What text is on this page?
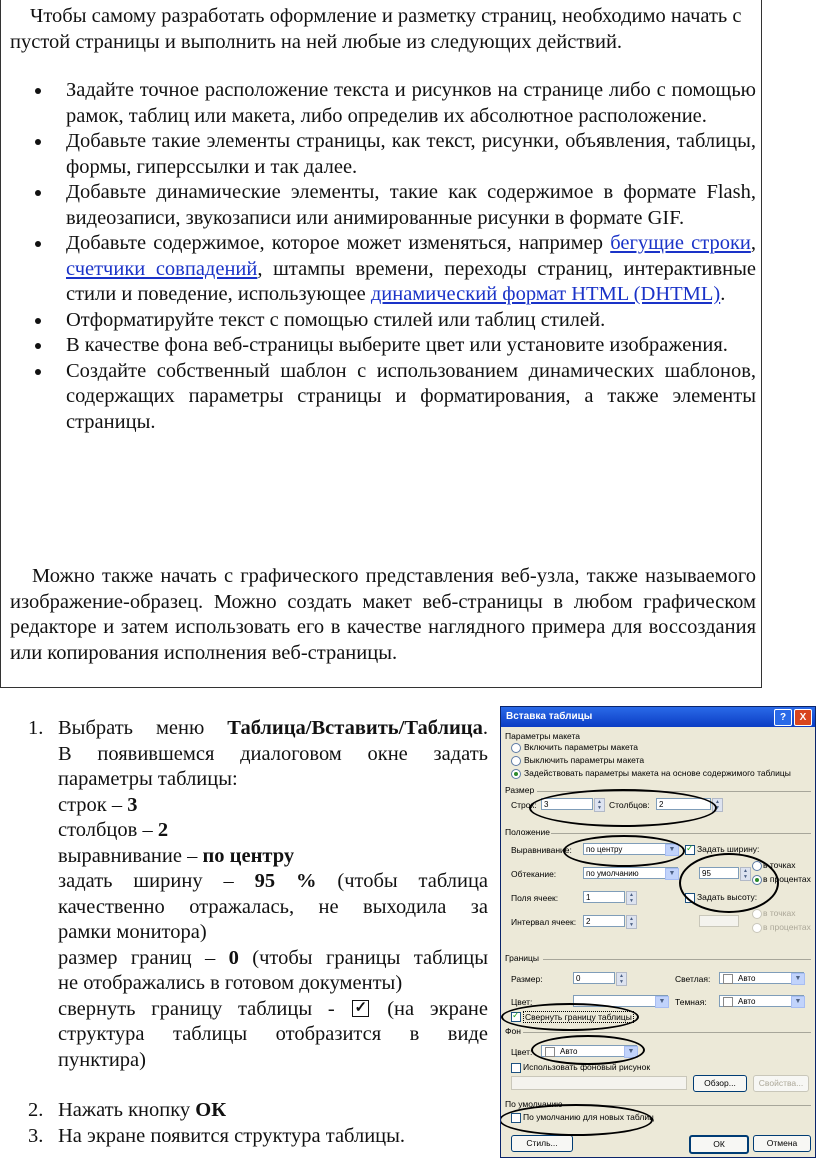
Чтобы самому разработать оформление и разметку страниц, необходимо начать с пустой страницы и выполнить на ней любые из следующих действий.

Задайте точное расположение текста и рисунков на странице либо с помощью рамок, таблиц или макета, либо определив их абсолютное расположение.
Добавьте такие элементы страницы, как текст, рисунки, объявления, таблицы, формы, гиперссылки и так далее.
Добавьте динамические элементы, такие как содержимое в формате Flash, видеозаписи, звукозаписи или анимированные рисунки в формате GIF.
Добавьте содержимое, которое может изменяться, например бегущие строки, счетчики совпадений, штампы времени, переходы страниц, интерактивные стили и поведение, использующее динамический формат HTML (DHTML).
Отформатируйте текст с помощью стилей или таблиц стилей.
В качестве фона веб-страницы выберите цвет или установите изображения.
Создайте собственный шаблон с использованием динамических шаблонов, содержащих параметры страницы и форматирования, а также элементы страницы.

Можно также начать с графического представления веб-узла, также называемого изображение-образец. Можно создать макет веб-страницы в любом графическом редакторе и затем использовать его в качестве наглядного примера для воссоздания или копирования исполнения веб-страницы.

1. Выбрать меню Таблица/Вставить/Таблица.
В появившемся диалоговом окне задать
параметры таблицы:
строк – 3
столбцов – 2
выравнивание – по центру
задать ширину – 95 % (чтобы таблица
качественно отражалась, не выходила за
рамки монитора)
размер границ – 0 (чтобы границы таблицы
не отображались в готовом документы)
свернуть границу таблицы - ✓ (на экране
структура таблицы отобразится в виде
пунктира)
2. Нажать кнопку ОК
3. На экране появится структура таблицы.
Вставка таблицы	?	X
Параметры макета
Включить параметры макета
Выключить параметры макета
Задействовать параметры макета на основе содержимого таблицы
Размер
Строк: 3	▲
▼ Столбцов:	2	▲
▼
Положение
Выравнивание:	по центру	▼
✓	Задать ширину:
Обтекание:	по умолчанию	▼	95	▲
▼
в точках
в процентах
Поля ячеек:	1	▲
▼	Задать высоту:
Интервал ячеек:	2	▲
▼
в точках
в процентах
Границы
Размер:	0	▲
▼	Светлая:	Авто	▼
Цвет:	▼	Темная:	Авто	▼
✓
Свернуть границу таблицы
Фон
Цвет:	Авто	▼
Использовать фоновый рисунок
Обзор...	Свойства...
По умолчанию
По умолчанию для новых таблиц
Стиль...	ОК	Отмена
